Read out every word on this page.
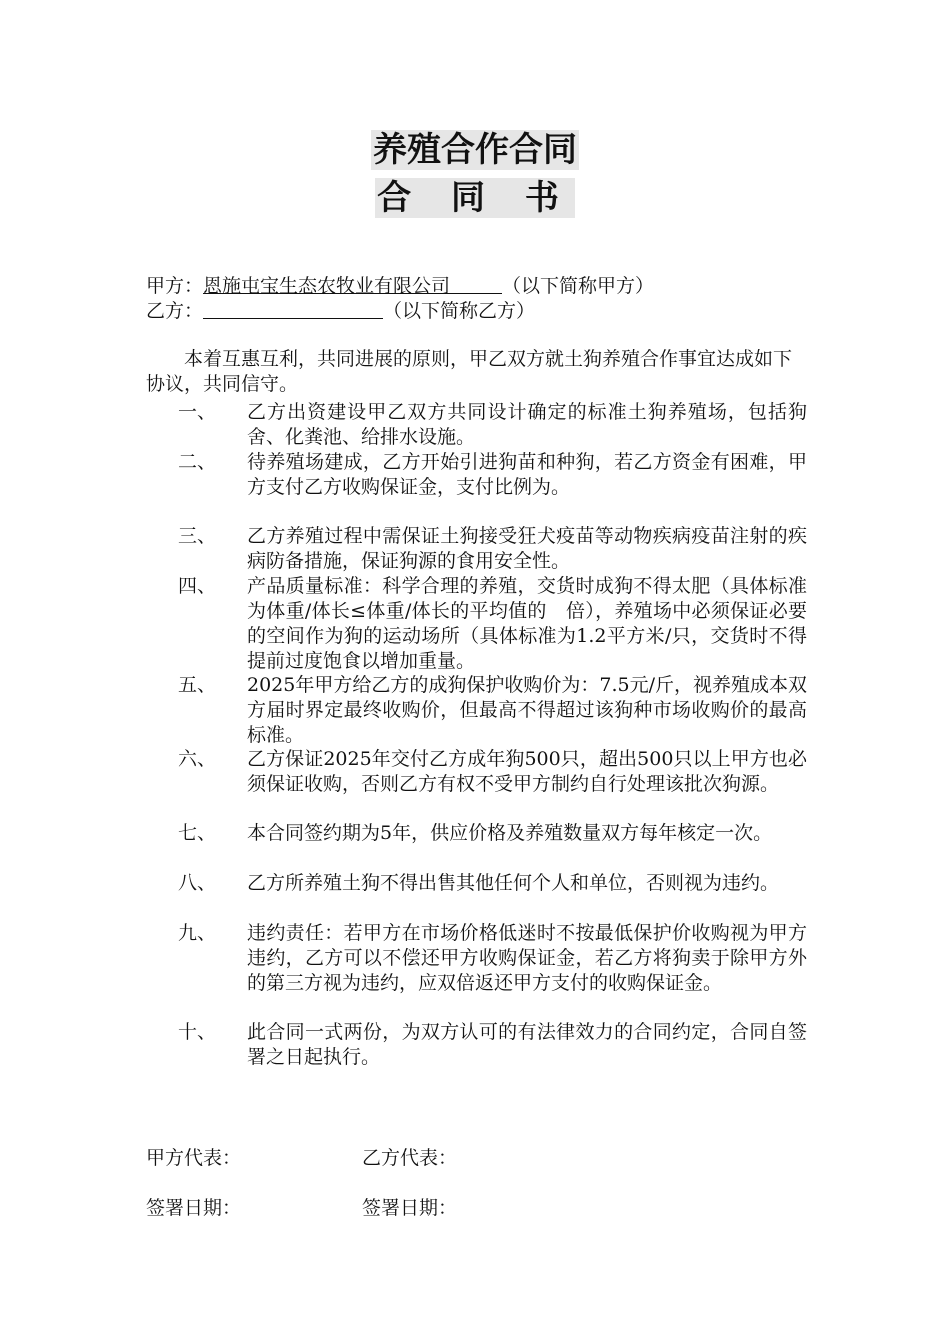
养殖合作合同
合 同 书
甲方：恩施屯宝生态农牧业有限公司	（以下简称甲方）
乙方：	（以下简称乙方）
本着互惠互利，共同进展的原则，甲乙双方就土狗养殖合作事宜达成如下协议，共同信守。
一、	乙方出资建设甲乙双方共同设计确定的标准土狗养殖场，包括狗舍、化粪池、给排水设施。
二、	待养殖场建成，乙方开始引进狗苗和种狗，若乙方资金有困难，甲方支付乙方收购保证金，支付比例为。
三、	乙方养殖过程中需保证土狗接受狂犬疫苗等动物疾病疫苗注射的疾病防备措施，保证狗源的食用安全性。
四、	产品质量标准：科学合理的养殖，交货时成狗不得太肥（具体标准为体重/体长≤体重/体长的平均值的　倍），养殖场中必须保证必要的空间作为狗的运动场所（具体标准为1.2平方米/只，交货时不得提前过度饱食以增加重量。
五、	2025年甲方给乙方的成狗保护收购价为：7.5元/斤，视养殖成本双方届时界定最终收购价，但最高不得超过该狗种市场收购价的最高标准。
六、	乙方保证2025年交付乙方成年狗500只，超出500只以上甲方也必须保证收购，否则乙方有权不受甲方制约自行处理该批次狗源。
七、	本合同签约期为5年，供应价格及养殖数量双方每年核定一次。
八、	乙方所养殖土狗不得出售其他任何个人和单位，否则视为违约。
九、	违约责任：若甲方在市场价格低迷时不按最低保护价收购视为甲方违约，乙方可以不偿还甲方收购保证金，若乙方将狗卖于除甲方外的第三方视为违约，应双倍返还甲方支付的收购保证金。
十、	此合同一式两份，为双方认可的有法律效力的合同约定，合同自签署之日起执行。
甲方代表：	乙方代表：
签署日期：	签署日期：
